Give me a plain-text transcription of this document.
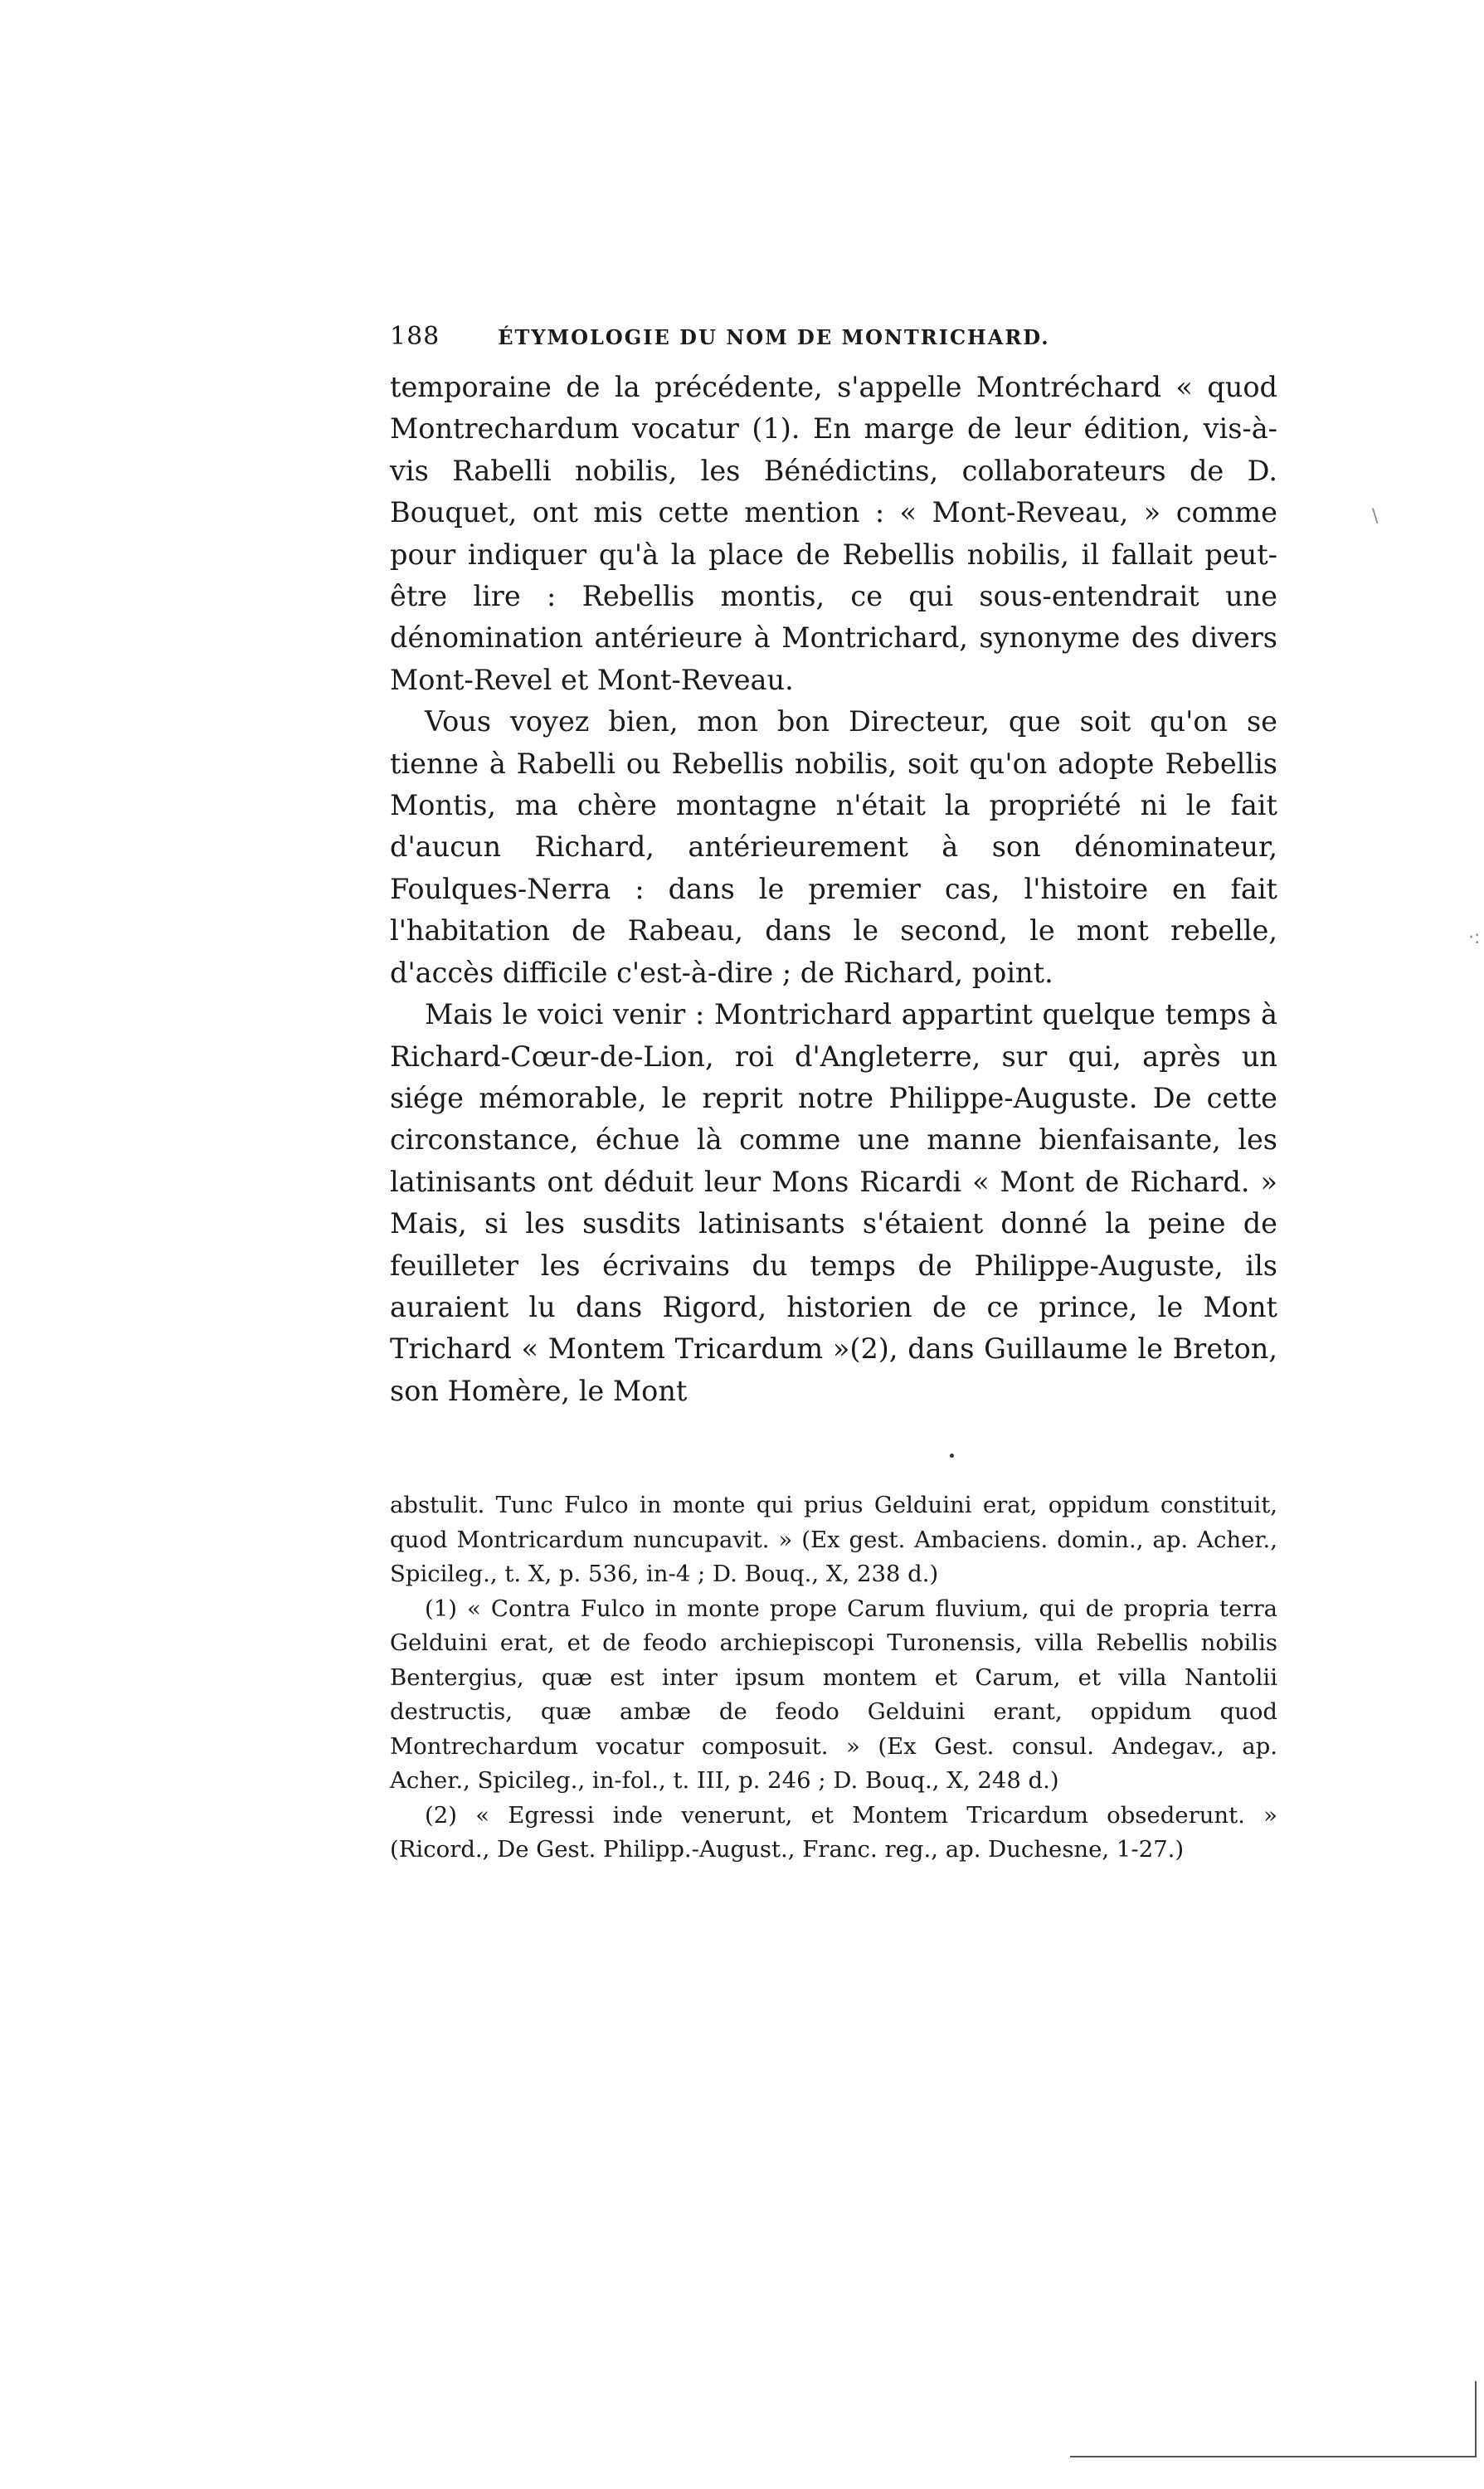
188	ÉTYMOLOGIE DU NOM DE MONTRICHARD.

temporaine de la précédente, s'appelle Montréchard « quod Montrechardum vocatur (1). En marge de leur édition, vis-à-vis Rabelli nobilis, les Bénédictins, collaborateurs de D. Bouquet, ont mis cette mention : « Mont-Reveau, » comme pour indiquer qu'à la place de Rebellis nobilis, il fallait peut-être lire : Rebellis montis, ce qui sous-entendrait une dénomination antérieure à Montrichard, synonyme des divers Mont-Revel et Mont-Reveau.

Vous voyez bien, mon bon Directeur, que soit qu'on se tienne à Rabelli ou Rebellis nobilis, soit qu'on adopte Rebellis Montis, ma chère montagne n'était la propriété ni le fait d'aucun Richard, antérieurement à son dénominateur, Foulques-Nerra : dans le premier cas, l'histoire en fait l'habitation de Rabeau, dans le second, le mont rebelle, d'accès difficile c'est-à-dire ; de Richard, point.

Mais le voici venir : Montrichard appartint quelque temps à Richard-Cœur-de-Lion, roi d'Angleterre, sur qui, après un siége mémorable, le reprit notre Philippe-Auguste. De cette circonstance, échue là comme une manne bienfaisante, les latinisants ont déduit leur Mons Ricardi « Mont de Richard. » Mais, si les susdits latinisants s'étaient donné la peine de feuilleter les écrivains du temps de Philippe-Auguste, ils auraient lu dans Rigord, historien de ce prince, le Mont Trichard « Montem Tricardum »(2), dans Guillaume le Breton, son Homère, le Mont

abstulit. Tunc Fulco in monte qui prius Gelduini erat, oppidum constituit, quod Montricardum nuncupavit. » (Ex gest. Ambaciens. domin., ap. Acher., Spicileg., t. X, p. 536, in-4 ; D. Bouq., X, 238 d.)

(1) « Contra Fulco in monte prope Carum fluvium, qui de propria terra Gelduini erat, et de feodo archiepiscopi Turonensis, villa Rebellis nobilis Bentergius, quæ est inter ipsum montem et Carum, et villa Nantolii destructis, quæ ambæ de feodo Gelduini erant, oppidum quod Montrechardum vocatur composuit. » (Ex Gest. consul. Andegav., ap. Acher., Spicileg., in-fol., t. III, p. 246 ; D. Bouq., X, 248 d.)

(2) « Egressi inde venerunt, et Montem Tricardum obsederunt. » (Ricord., De Gest. Philipp.-August., Franc. reg., ap. Duchesne, 1-27.)

\
·:
